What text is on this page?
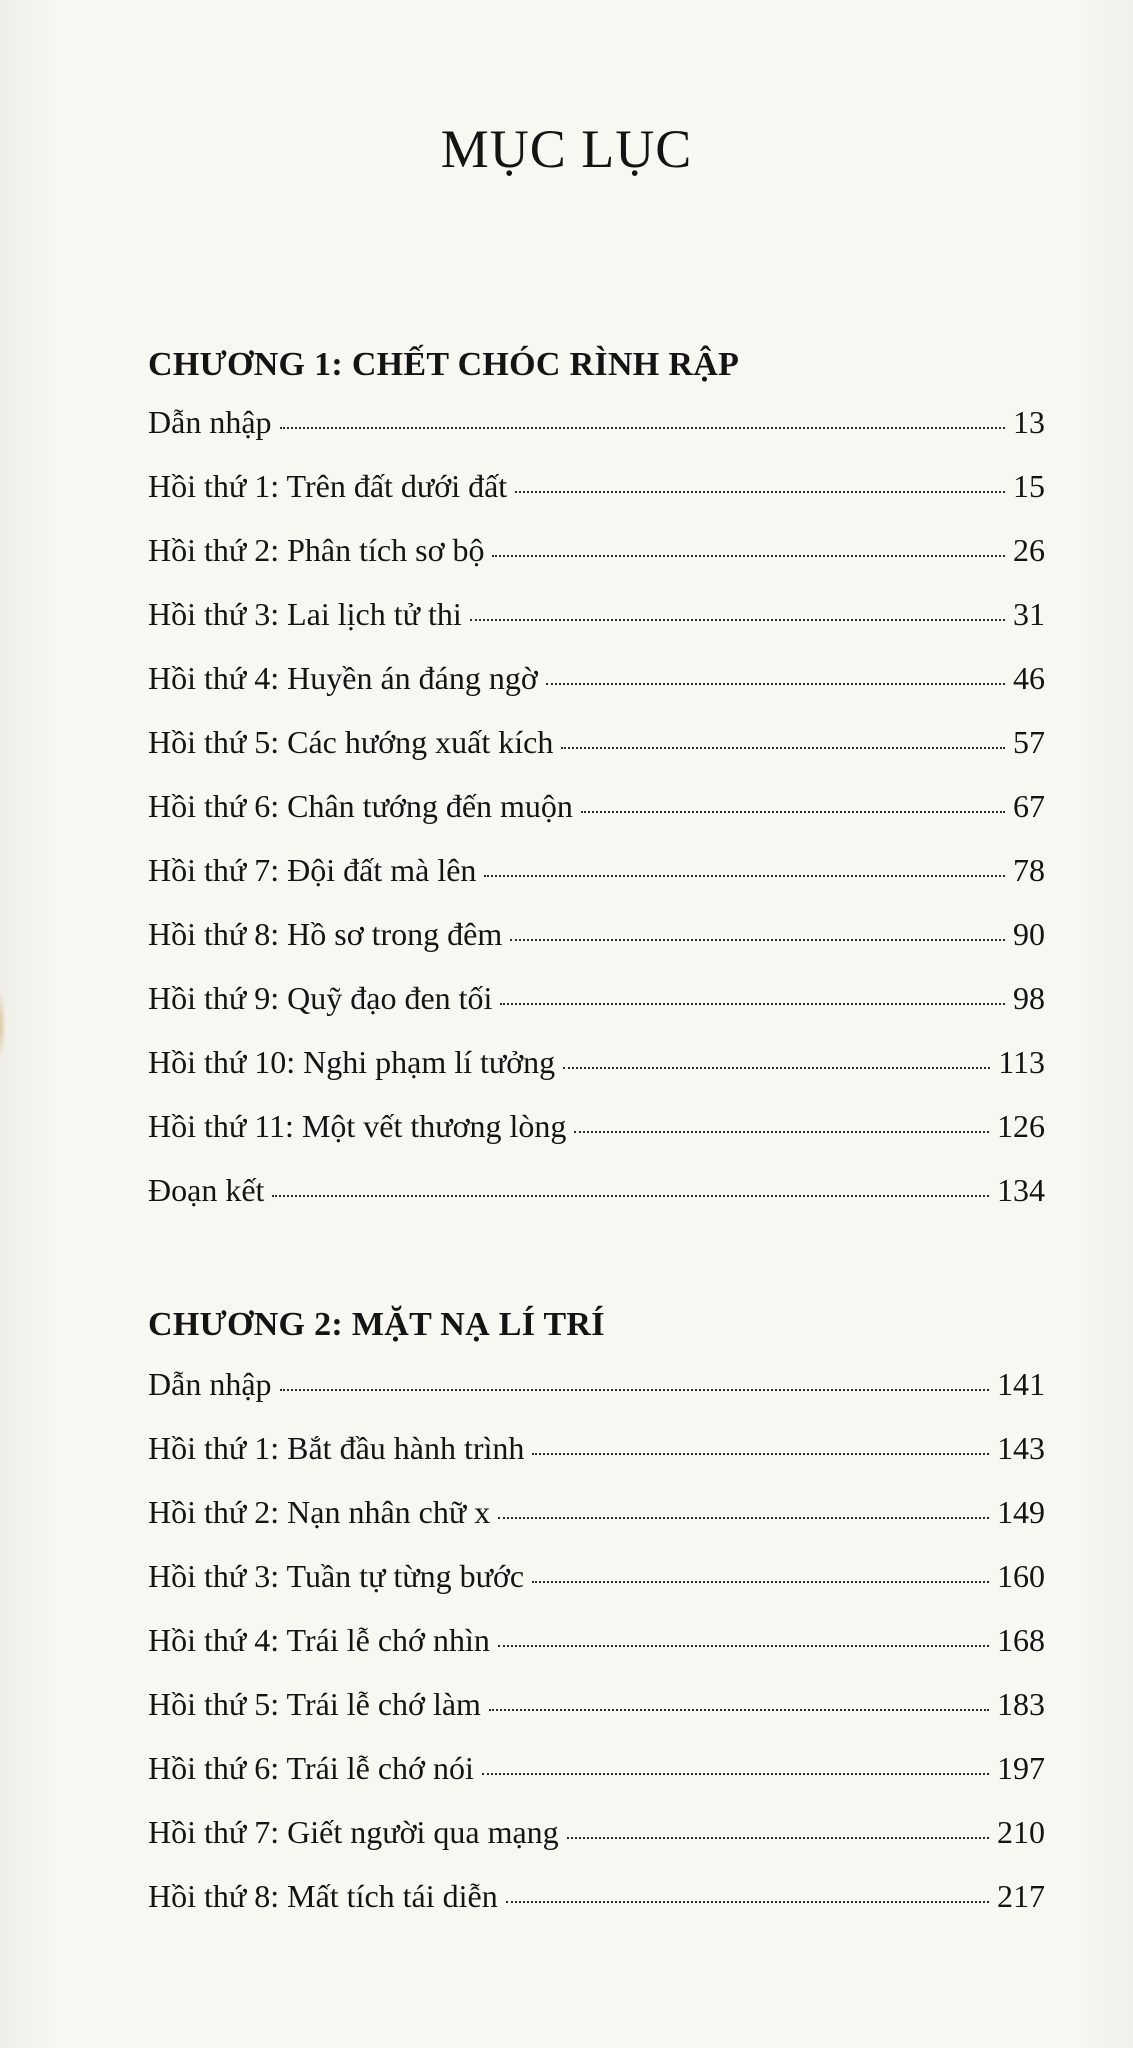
MỤC LỤC
CHƯƠNG 1: CHẾT CHÓC RÌNH RẬP
Dẫn nhập	13
Hồi thứ 1: Trên đất dưới đất	15
Hồi thứ 2: Phân tích sơ bộ	26
Hồi thứ 3: Lai lịch tử thi	31
Hồi thứ 4: Huyền án đáng ngờ	46
Hồi thứ 5: Các hướng xuất kích	57
Hồi thứ 6: Chân tướng đến muộn	67
Hồi thứ 7: Đội đất mà lên	78
Hồi thứ 8: Hồ sơ trong đêm	90
Hồi thứ 9: Quỹ đạo đen tối	98
Hồi thứ 10: Nghi phạm lí tưởng	113
Hồi thứ 11: Một vết thương lòng	126
Đoạn kết	134
CHƯƠNG 2: MẶT NẠ LÍ TRÍ
Dẫn nhập	141
Hồi thứ 1: Bắt đầu hành trình	143
Hồi thứ 2: Nạn nhân chữ x	149
Hồi thứ 3: Tuần tự từng bước	160
Hồi thứ 4: Trái lễ chớ nhìn	168
Hồi thứ 5: Trái lễ chớ làm	183
Hồi thứ 6: Trái lễ chớ nói	197
Hồi thứ 7: Giết người qua mạng	210
Hồi thứ 8: Mất tích tái diễn	217
